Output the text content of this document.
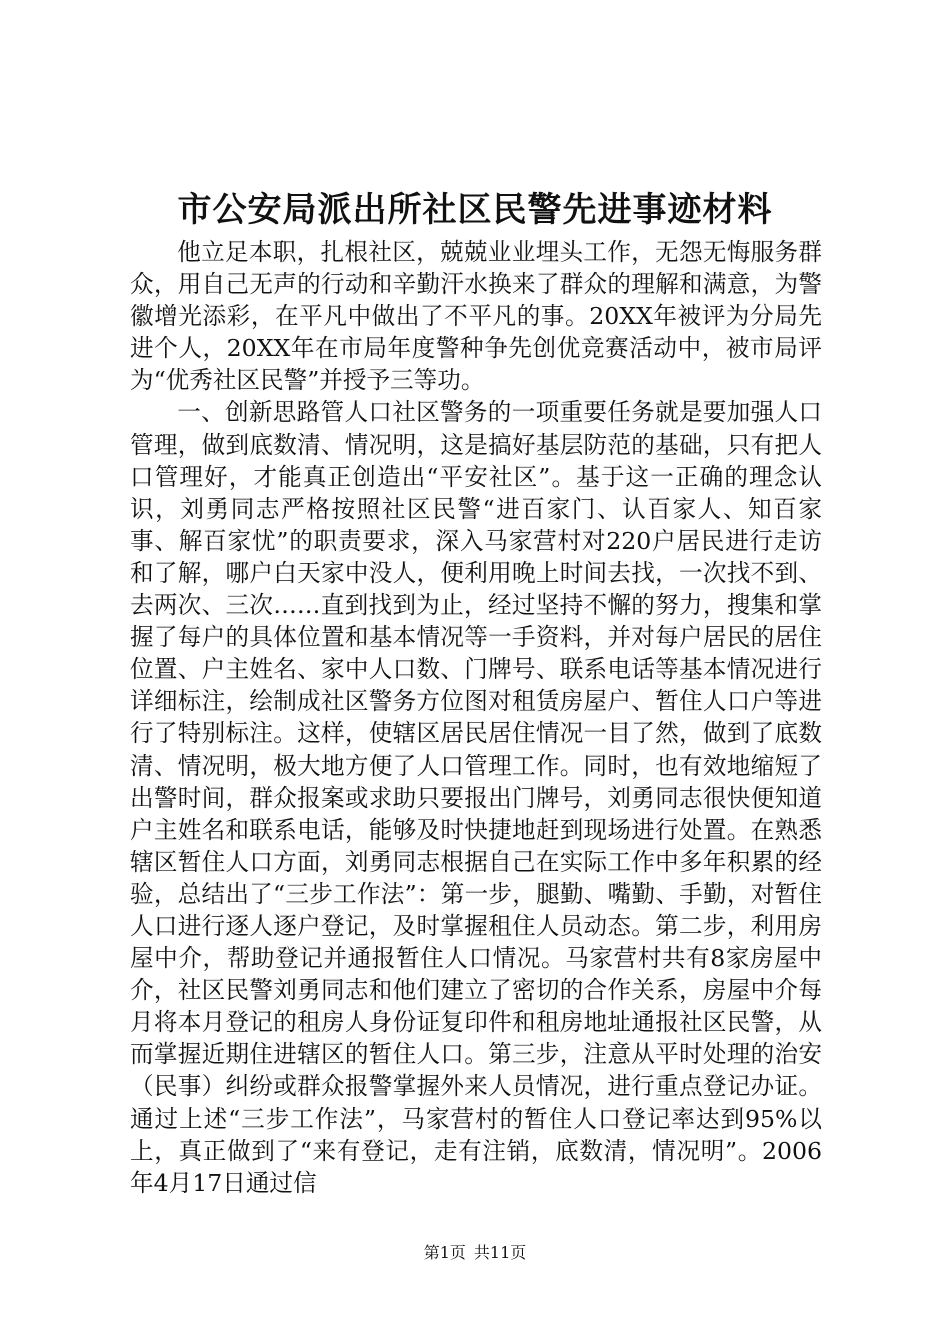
市公安局派出所社区民警先进事迹材料

他立足本职，扎根社区，兢兢业业埋头工作，无怨无悔服务群众，用自己无声的行动和辛勤汗水换来了群众的理解和满意，为警徽增光添彩，在平凡中做出了不平凡的事。20XX年被评为分局先进个人，20XX年在市局年度警种争先创优竞赛活动中，被市局评为“优秀社区民警”并授予三等功。

一、创新思路管人口社区警务的一项重要任务就是要加强人口管理，做到底数清、情况明，这是搞好基层防范的基础，只有把人口管理好，才能真正创造出“平安社区”。基于这一正确的理念认识，刘勇同志严格按照社区民警“进百家门、认百家人、知百家事、解百家忧”的职责要求，深入马家营村对220户居民进行走访和了解，哪户白天家中没人，便利用晚上时间去找，一次找不到、去两次、三次……直到找到为止，经过坚持不懈的努力，搜集和掌握了每户的具体位置和基本情况等一手资料，并对每户居民的居住位置、户主姓名、家中人口数、门牌号、联系电话等基本情况进行详细标注，绘制成社区警务方位图对租赁房屋户、暂住人口户等进行了特别标注。这样，使辖区居民居住情况一目了然，做到了底数清、情况明，极大地方便了人口管理工作。同时，也有效地缩短了出警时间，群众报案或求助只要报出门牌号，刘勇同志很快便知道户主姓名和联系电话，能够及时快捷地赶到现场进行处置。在熟悉辖区暂住人口方面，刘勇同志根据自己在实际工作中多年积累的经验，总结出了“三步工作法”：第一步，腿勤、嘴勤、手勤，对暂住人口进行逐人逐户登记，及时掌握租住人员动态。第二步，利用房屋中介，帮助登记并通报暂住人口情况。马家营村共有8家房屋中介，社区民警刘勇同志和他们建立了密切的合作关系，房屋中介每月将本月登记的租房人身份证复印件和租房地址通报社区民警，从而掌握近期住进辖区的暂住人口。第三步，注意从平时处理的治安（民事）纠纷或群众报警掌握外来人员情况，进行重点登记办证。通过上述“三步工作法”，马家营村的暂住人口登记率达到95%以上，真正做到了“来有登记，走有注销，底数清，情况明”。2006年4月17日通过信

第1页 共11页
